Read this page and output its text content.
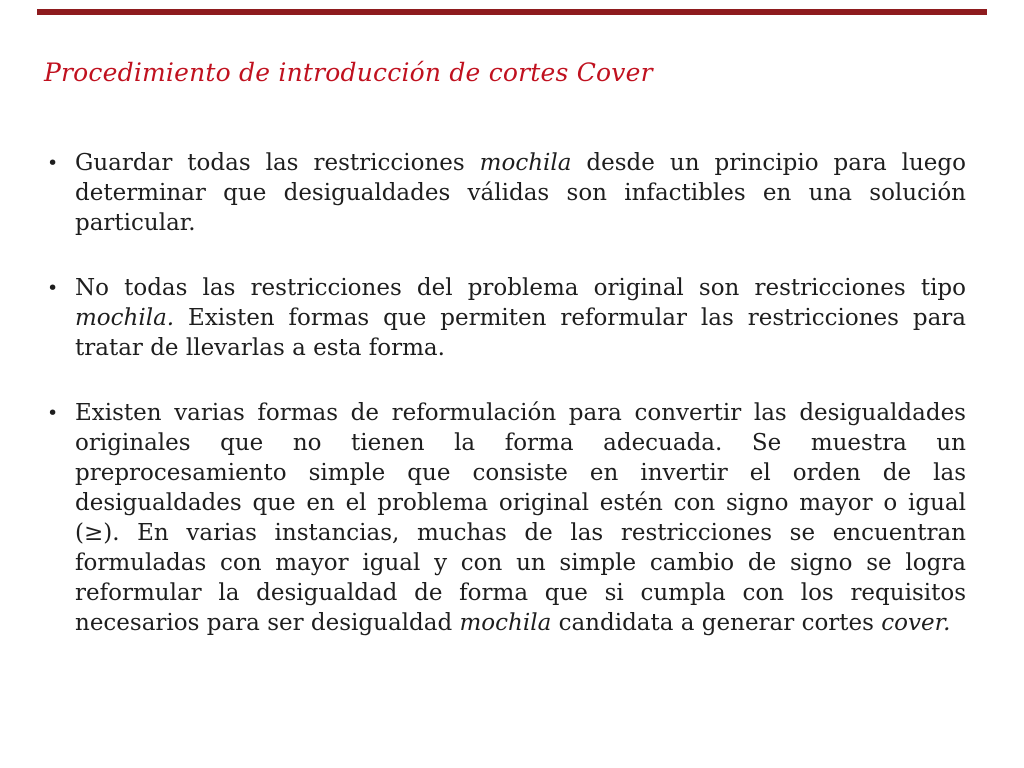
Procedimiento de introducción de cortes Cover
• Guardar todas las restricciones mochila desde un principio para luego determinar que desigualdades válidas son infactibles en una solución particular.
• No todas las restricciones del problema original son restricciones tipo mochila. Existen formas que permiten reformular las restricciones para tratar de llevarlas a esta forma.
• Existen varias formas de reformulación para convertir las desigualdades originales que no tienen la forma adecuada. Se muestra un preprocesamiento simple que consiste en invertir el orden de las desigualdades que en el problema original estén con signo mayor o igual (≥). En varias instancias, muchas de las restricciones se encuentran formuladas con mayor igual y con un simple cambio de signo se logra reformular la desigualdad de forma que si cumpla con los requisitos necesarios para ser desigualdad mochila candidata a generar cortes cover.
